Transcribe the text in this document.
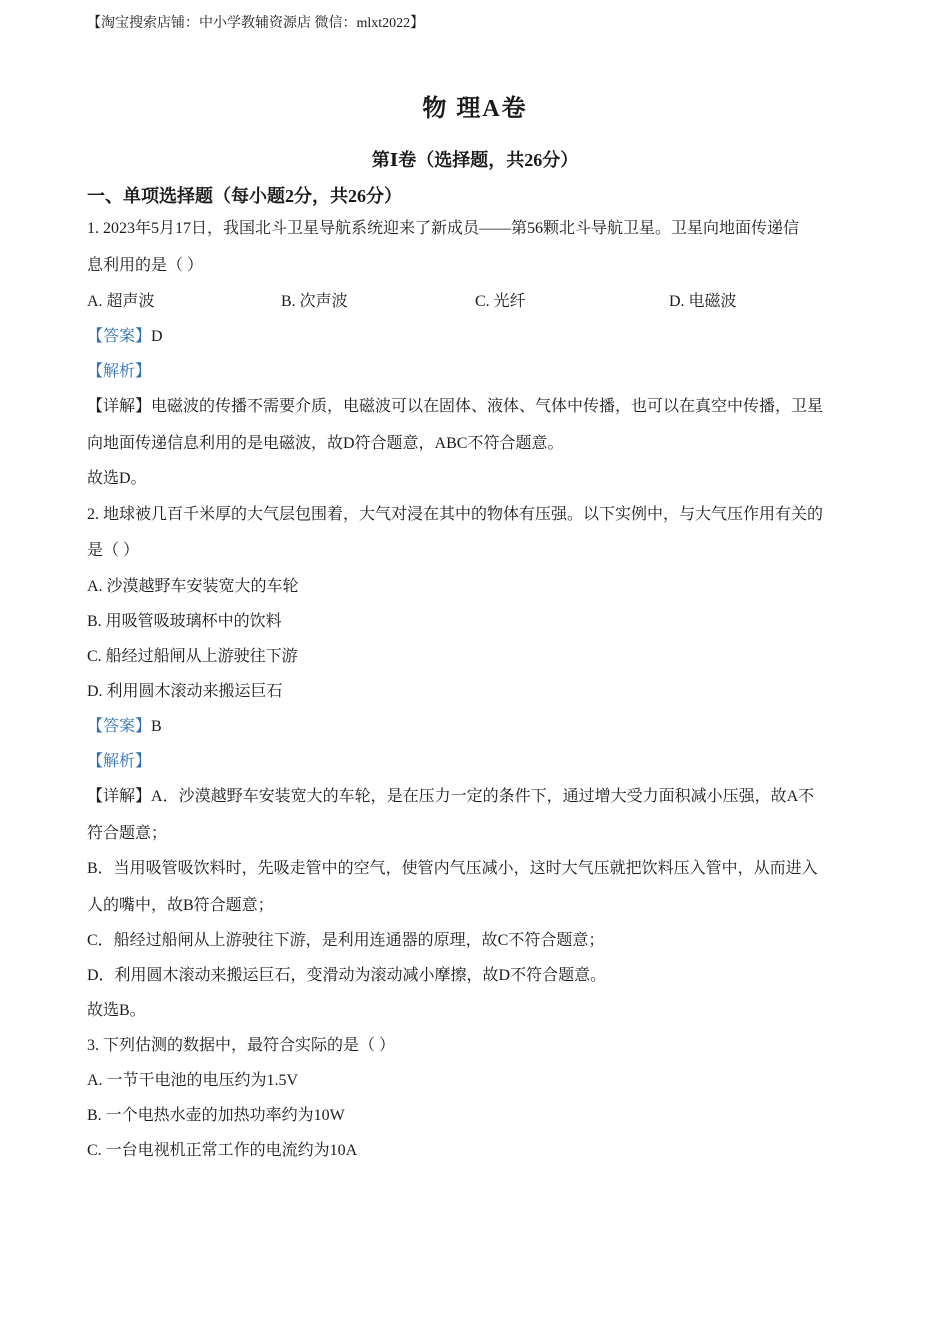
【淘宝搜索店铺：中小学教辅资源店 微信：mlxt2022】
物 理A卷
第Ⅰ卷（选择题，共26分）
一、单项选择题（每小题2分，共26分）
1. 2023年5月17日，我国北斗卫星导航系统迎来了新成员——第56颗北斗导航卫星。卫星向地面传递信
息利用的是（ ）
A. 超声波	B. 次声波	C. 光纤	D. 电磁波
【答案】D
【解析】
【详解】电磁波的传播不需要介质，电磁波可以在固体、液体、气体中传播，也可以在真空中传播，卫星
向地面传递信息利用的是电磁波，故D符合题意，ABC不符合题意。
故选D。
2. 地球被几百千米厚的大气层包围着，大气对浸在其中的物体有压强。以下实例中，与大气压作用有关的
是（ ）
A. 沙漠越野车安装宽大的车轮
B. 用吸管吸玻璃杯中的饮料
C. 船经过船闸从上游驶往下游
D. 利用圆木滚动来搬运巨石
【答案】B
【解析】
【详解】A．沙漠越野车安装宽大的车轮，是在压力一定的条件下，通过增大受力面积减小压强，故A不
符合题意；
B．当用吸管吸饮料时，先吸走管中的空气，使管内气压减小，这时大气压就把饮料压入管中，从而进入
人的嘴中，故B符合题意；
C．船经过船闸从上游驶往下游，是利用连通器的原理，故C不符合题意；
D．利用圆木滚动来搬运巨石，变滑动为滚动减小摩擦，故D不符合题意。
故选B。
3. 下列估测的数据中，最符合实际的是（ ）
A. 一节干电池的电压约为1.5V
B. 一个电热水壶的加热功率约为10W
C. 一台电视机正常工作的电流约为10A
